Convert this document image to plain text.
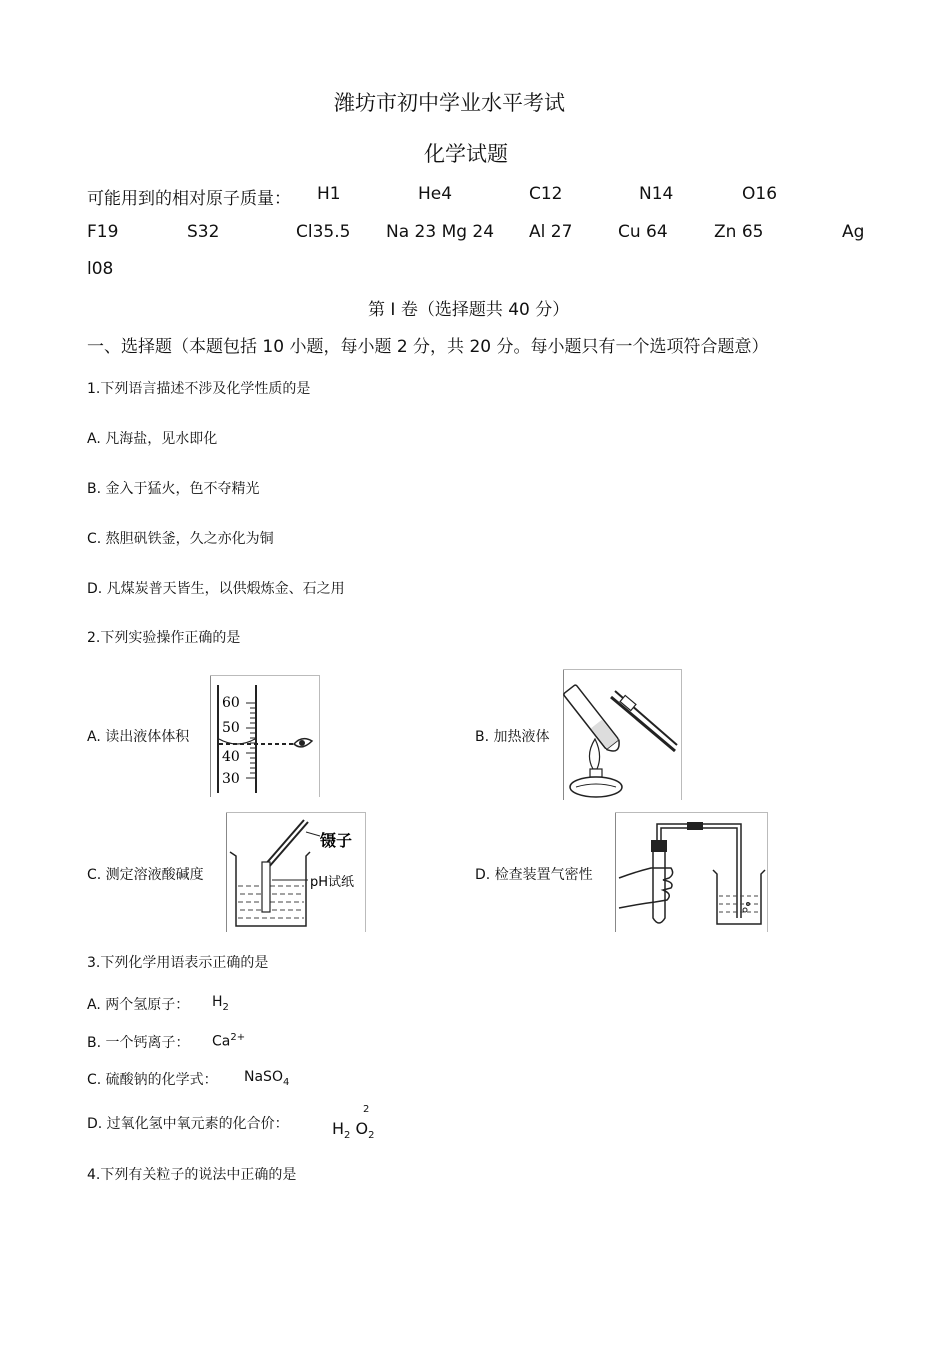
潍坊市初中学业水平考试
化学试题
可能用到的相对原子质量： H1	He4	C12	N14	O16
F19	S32	Cl35.5 Na 23 Mg 24 Al 27	Cu 64	Zn 65	Ag
l08
第 I 卷（选择题共 40 分）
一、选择题（本题包括 10 小题，每小题 2 分，共 20 分。每小题只有一个选项符合题意）
1.下列语言描述不涉及化学性质的是
A. 凡海盐，见水即化
B. 金入于猛火，色不夺精光
C. 熬胆矾铁釜，久之亦化为铜
D. 凡煤炭普天皆生，以供煅炼金、石之用
2.下列实验操作正确的是
A. 读出液体体积
60
50
40
30
B. 加热液体
C. 测定溶液酸碱度
镊子
pH试纸	D. 检查装置气密性
3.下列化学用语表示正确的是
A. 两个氢原子： $H_2$
B. 一个钙离子： $Ca^{2+}$
C. 硫酸钠的化学式： NaSO$_4$
D. 过氧化氢中氧元素的化合价：
2
$H_2$ $O_2$
4.下列有关粒子的说法中正确的是
